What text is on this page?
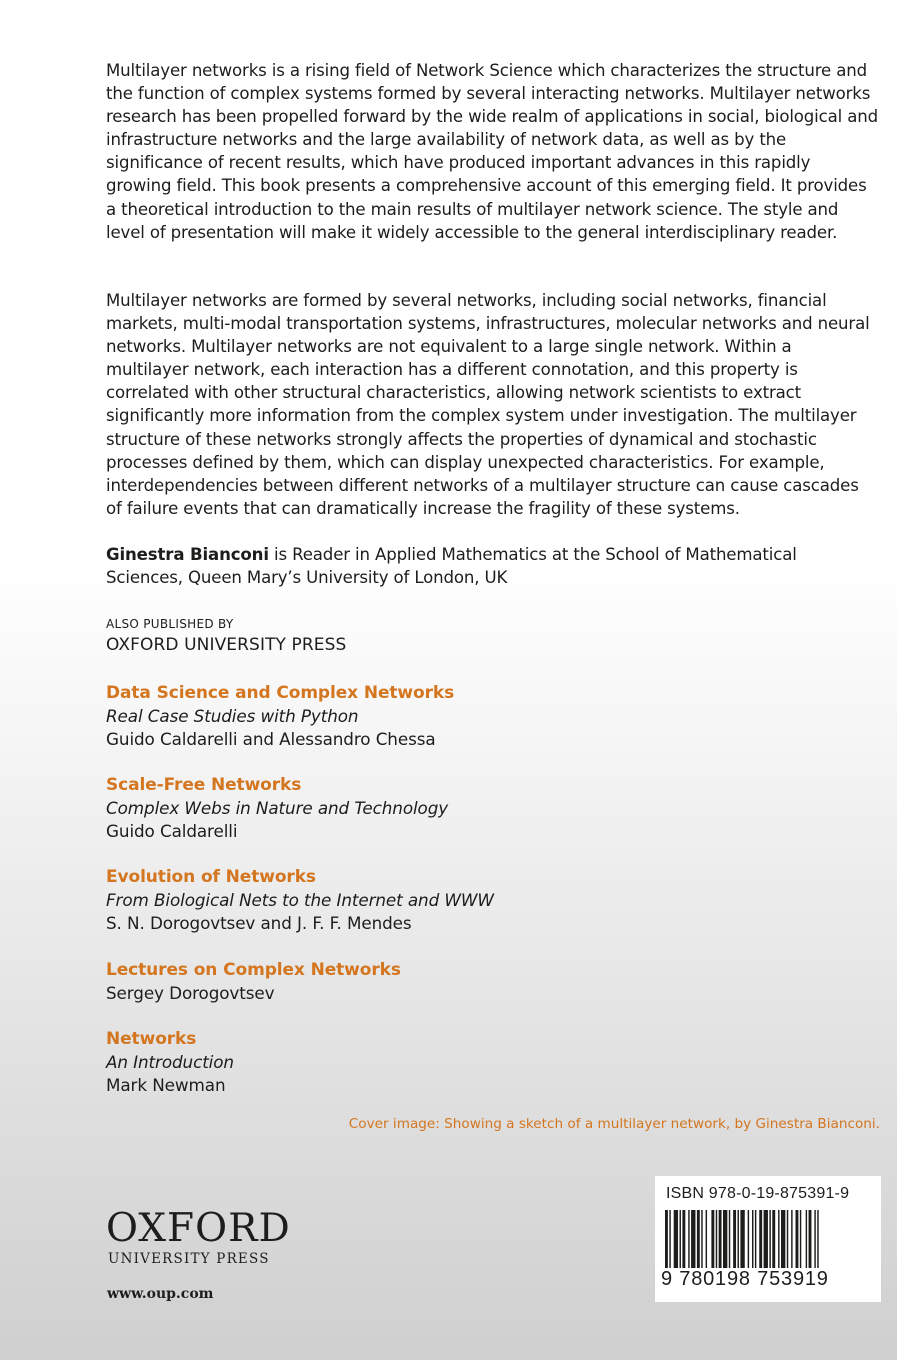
Multilayer networks is a rising field of Network Science which characterizes the structure and the function of complex systems formed by several interacting networks. Multilayer networks research has been propelled forward by the wide realm of applications in social, biological and infrastructure networks and the large availability of network data, as well as by the significance of recent results, which have produced important advances in this rapidly growing field. This book presents a comprehensive account of this emerging field. It provides a theoretical introduction to the main results of multilayer network science. The style and level of presentation will make it widely accessible to the general interdisciplinary reader.

Multilayer networks are formed by several networks, including social networks, financial markets, multi-modal transportation systems, infrastructures, molecular networks and neural networks. Multilayer networks are not equivalent to a large single network. Within a multilayer network, each interaction has a different connotation, and this property is correlated with other structural characteristics, allowing network scientists to extract significantly more information from the complex system under investigation. The multilayer structure of these networks strongly affects the properties of dynamical and stochastic processes defined by them, which can display unexpected characteristics. For example, interdependencies between different networks of a multilayer structure can cause cascades of failure events that can dramatically increase the fragility of these systems.

Ginestra Bianconi is Reader in Applied Mathematics at the School of Mathematical Sciences, Queen Mary’s University of London, UK
ALSO PUBLISHED BY
OXFORD UNIVERSITY PRESS
Data Science and Complex Networks
Real Case Studies with Python
Guido Caldarelli and Alessandro Chessa
Scale-Free Networks
Complex Webs in Nature and Technology
Guido Caldarelli
Evolution of Networks
From Biological Nets to the Internet and WWW
S. N. Dorogovtsev and J. F. F. Mendes
Lectures on Complex Networks
Sergey Dorogovtsev
Networks
An Introduction
Mark Newman
Cover image: Showing a sketch of a multilayer network, by Ginestra Bianconi.
OXFORD
UNIVERSITY PRESS
www.oup.com
ISBN 978-0-19-875391-9
9 780198 753919
